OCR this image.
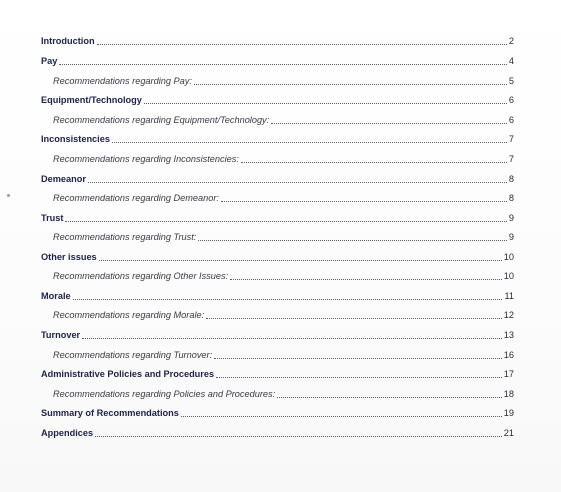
Introduction	2
Pay	4
Recommendations regarding Pay:	5
Equipment/Technology	6
Recommendations regarding Equipment/Technology:	6
Inconsistencies	7
Recommendations regarding Inconsistencies:	7
Demeanor	8
Recommendations regarding Demeanor:	8
Trust	9
Recommendations regarding Trust:	9
Other issues	10
Recommendations regarding Other Issues:	10
Morale	11
Recommendations regarding Morale:	12
Turnover	13
Recommendations regarding Turnover:	16
Administrative Policies and Procedures	17
Recommendations regarding Policies and Procedures:	18
Summary of Recommendations	19
Appendices	21
